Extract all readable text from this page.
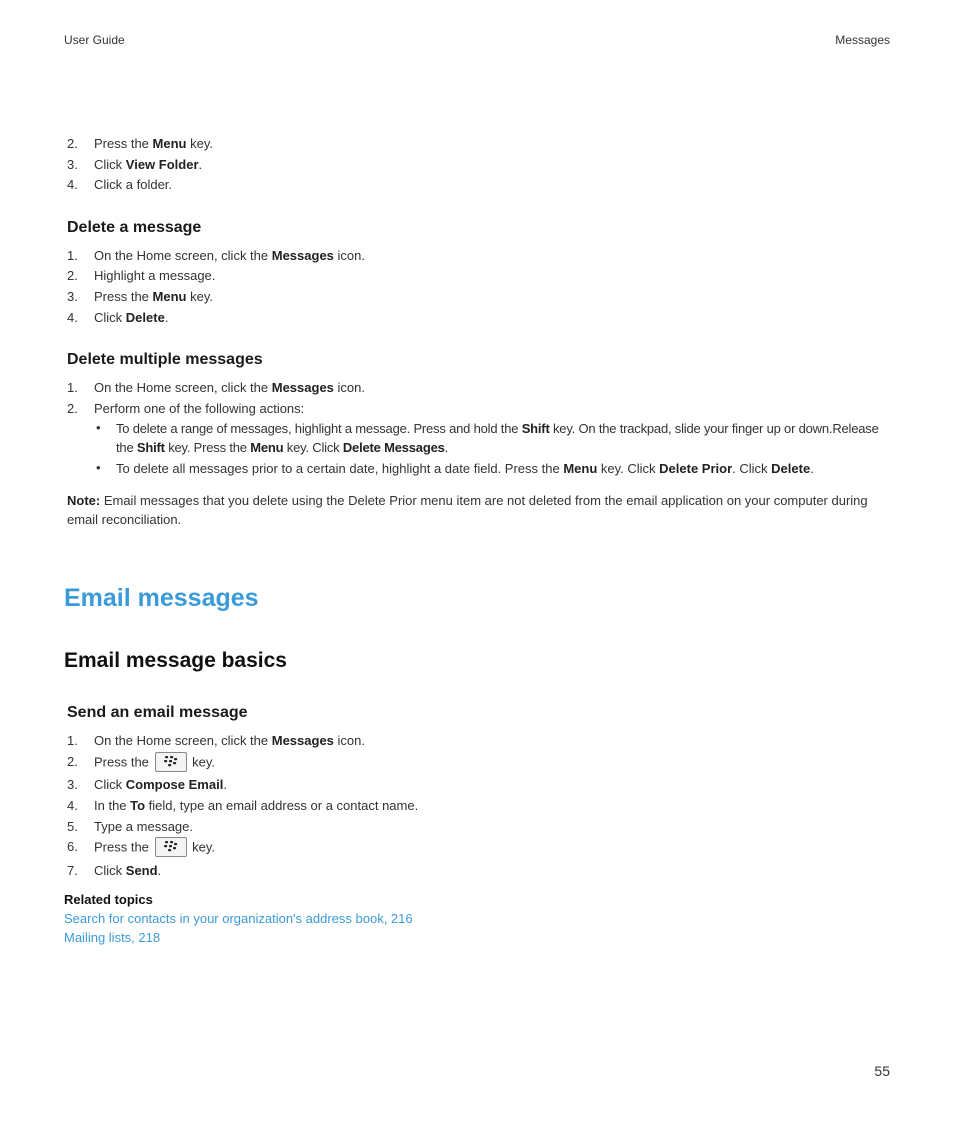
User Guide	Messages
2.	Press the Menu key.
3.	Click View Folder.
4.	Click a folder.
Delete a message
1.	On the Home screen, click the Messages icon.
2.	Highlight a message.
3.	Press the Menu key.
4.	Click Delete.
Delete multiple messages
1.	On the Home screen, click the Messages icon.
2.	Perform one of the following actions:
• To delete a range of messages, highlight a message. Press and hold the Shift key. On the trackpad, slide your finger up or down.Release the Shift key. Press the Menu key. Click Delete Messages.
• To delete all messages prior to a certain date, highlight a date field. Press the Menu key. Click Delete Prior. Click Delete.
Note: Email messages that you delete using the Delete Prior menu item are not deleted from the email application on your computer during email reconciliation.
Email messages
Email message basics
Send an email message
1.	On the Home screen, click the Messages icon.
2.	Press the	key.
3.	Click Compose Email.
4.	In the To field, type an email address or a contact name.
5.	Type a message.
6.	Press the	key.
7.	Click Send.
Related topics
Search for contacts in your organization's address book, 216
Mailing lists, 218
55
